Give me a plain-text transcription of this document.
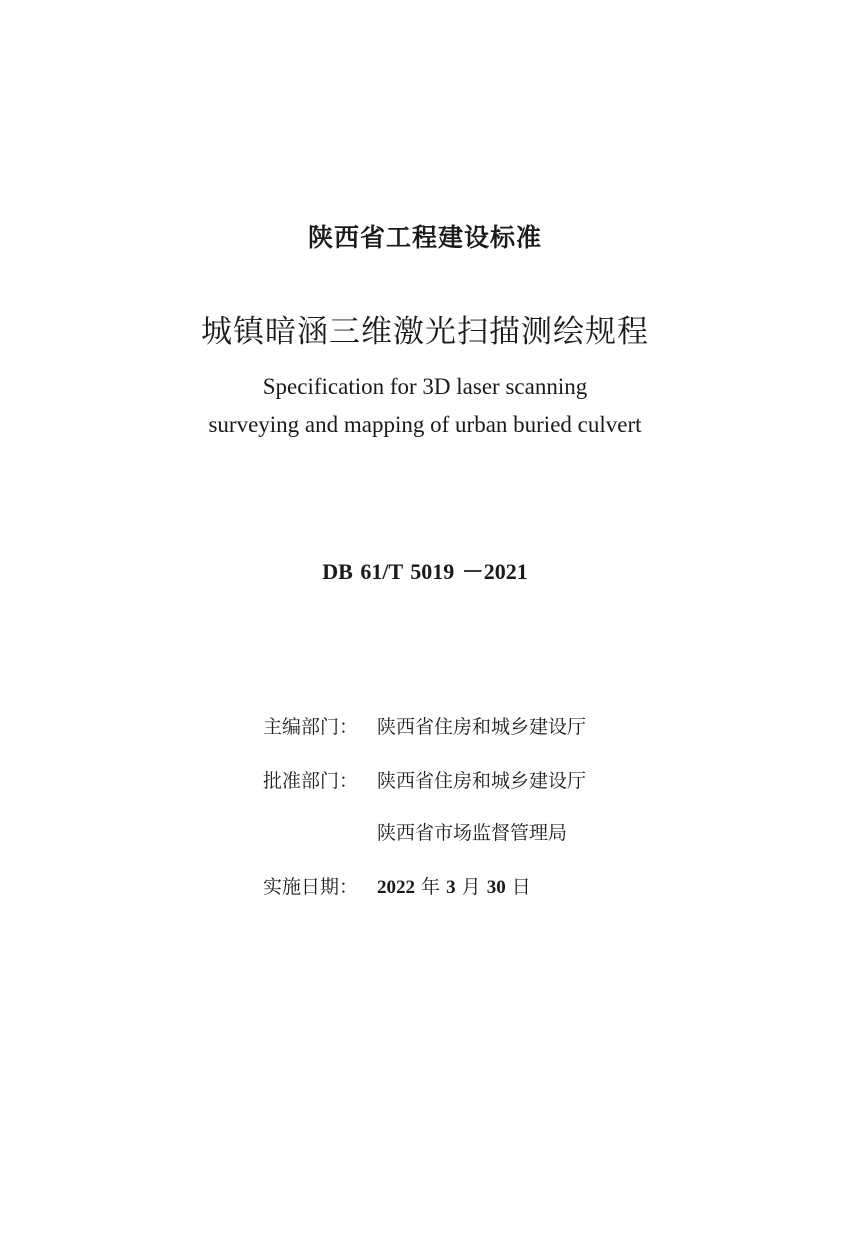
陕西省工程建设标准
城镇暗涵三维激光扫描测绘规程
Specification for 3D laser scanning
surveying and mapping of urban buried culvert
DB 61/T 5019 －2021
主编部门： 陕西省住房和城乡建设厅
批准部门： 陕西省住房和城乡建设厅
陕西省市场监督管理局
实施日期： 2022 年 3 月 30 日
